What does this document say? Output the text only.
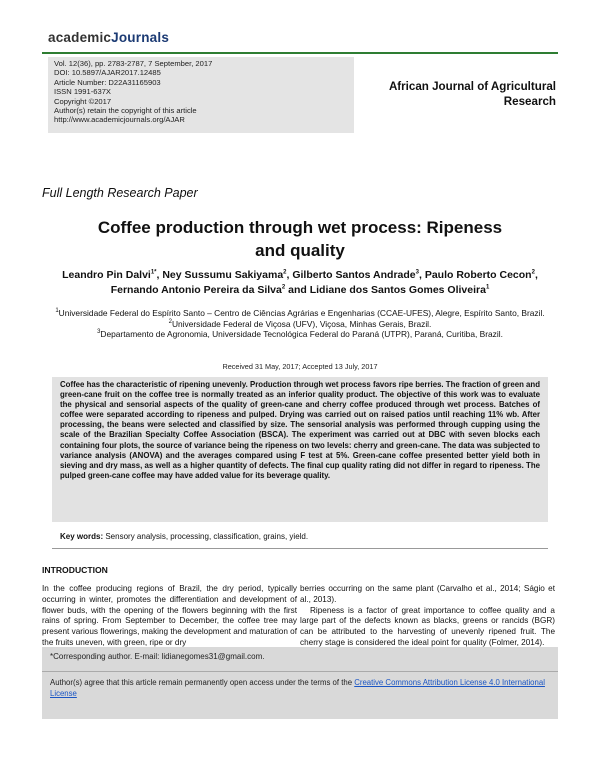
academicJournals
Vol. 12(36), pp. 2783-2787, 7 September, 2017
DOI: 10.5897/AJAR2017.12485
Article Number: D22A31165903
ISSN 1991-637X
Copyright ©2017
Author(s) retain the copyright of this article
http://www.academicjournals.org/AJAR
African Journal of Agricultural
Research
Full Length Research Paper
Coffee production through wet process: Ripeness
and quality
Leandro Pin Dalvi$^{1*}$, Ney Sussumu Sakiyama$^2$, Gilberto Santos Andrade$^3$, Paulo Roberto Cecon$^2$, Fernando Antonio Pereira da Silva$^2$ and Lidiane dos Santos Gomes Oliveira$^1$
$^1$Universidade Federal do Espírito Santo – Centro de Ciências Agrárias e Engenharias (CCAE-UFES), Alegre, Espírito Santo, Brazil.
$^2$Universidade Federal de Viçosa (UFV), Viçosa, Minhas Gerais, Brazil.
$^3$Departamento de Agronomia, Universidade Tecnológica Federal do Paraná (UTPR), Paraná, Curitiba, Brazil.
Received 31 May, 2017; Accepted 13 July, 2017
Coffee has the characteristic of ripening unevenly. Production through wet process favors ripe berries. The fraction of green and green-cane fruit on the coffee tree is normally treated as an inferior quality product. The objective of this work was to evaluate the physical and sensorial aspects of the quality of green-cane and cherry coffee produced through wet process. Batches of coffee were separated according to ripeness and pulped. Drying was carried out on raised patios until reaching 11% wb. After processing, the beans were selected and classified by size. The sensorial analysis was performed through cupping using the scale of the Brazilian Specialty Coffee Association (BSCA). The experiment was carried out at DBC with seven blocks each containing four plots, the source of variance being the ripeness on two levels: cherry and green-cane. The data was subjected to variance analysis (ANOVA) and the averages compared using F test at 5%. Green-cane coffee presented better yield both in sieving and dry mass, as well as a higher quantity of defects. The final cup quality rating did not differ in regard to ripeness. The pulped green-cane coffee may have added value for its beverage quality.
Key words: Sensory analysis, processing, classification, grains, yield.
INTRODUCTION

In the coffee producing regions of Brazil, the dry period, typically occurring in winter, promotes the differentiation and development of flower buds, with the opening of the flowers beginning with the first rains of spring. From September to December, the coffee tree may present various flowerings, making the development and maturation of the fruits uneven, with green, ripe or dry

berries occurring on the same plant (Carvalho et al., 2014; Ságio et al., 2013).

Ripeness is a factor of great importance to coffee quality and a large part of the defects known as blacks, greens or rancids (BGR) can be attributed to the harvesting of unevenly ripened fruit. The cherry stage is considered the ideal point for quality (Folmer, 2014).

*Corresponding author. E-mail: lidianegomes31@gmail.com.
Author(s) agree that this article remain permanently open access under the terms of the Creative Commons Attribution License 4.0 International License
